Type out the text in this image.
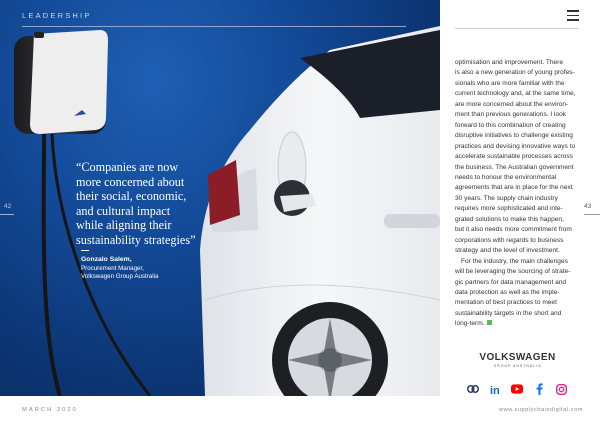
LEADERSHIP
“Companies are now
more concerned about
their social, economic,
and cultural impact
while aligning their
sustainability strategies”
Gonzalo Salem,
Procurement Manager,
Volkswagen Group Australia
42
optimisation and improvement. There
is also a new generation of young profes-
sionals who are more familiar with the
current technology and, at the same time,
are more concerned about the environ-
ment than previous generations. I look
forward to this combination of creating
disruptive initiatives to challenge existing
practices and devising innovative ways to
accelerate sustainable processes across
the business. The Australian government
needs to honour the environmental
agreements that are in place for the next
30 years. The supply chain industry
requires more sophisticated and inte-
grated solutions to make this happen,
but it also needs more commitment from
corporations with regards to business
strategy and the level of investment.
For the industry, the main challenges
will be leveraging the sourcing of strate-
gic partners for data management and
data protection as well as the imple-
mentation of best practices to meet
sustainability targets in the short and
long-term.
43
VOLKSWAGEN
GROUP AUSTRALIA
in
MARCH 2020	www.supplychaindigital.com
